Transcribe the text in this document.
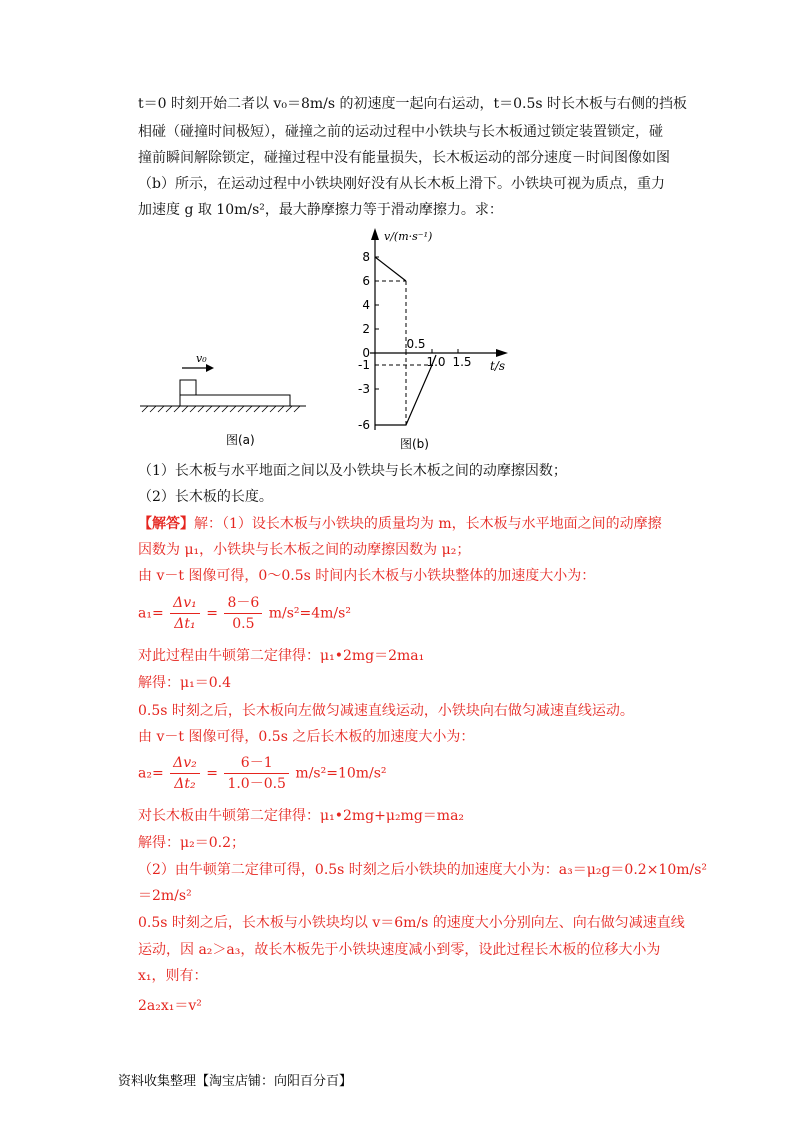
t＝0 时刻开始二者以 v₀＝8m/s 的初速度一起向右运动，t＝0.5s 时长木板与右侧的挡板
相碰（碰撞时间极短），碰撞之前的运动过程中小铁块与长木板通过锁定装置锁定，碰
撞前瞬间解除锁定，碰撞过程中没有能量损失，长木板运动的部分速度－时间图像如图
（b）所示，在运动过程中小铁块刚好没有从长木板上滑下。小铁块可视为质点，重力
加速度 g 取 10m/s²，最大静摩擦力等于滑动摩擦力。求：
v₀
图(a)
v/(m·s⁻¹)
t/s
8
6
4
2
0
-1
-3
-6
0.5
1.0 1.5
图(b)
（1）长木板与水平地面之间以及小铁块与长木板之间的动摩擦因数；
（2）长木板的长度。
【解答】解：（1）设长木板与小铁块的质量均为 m，长木板与水平地面之间的动摩擦
因数为 μ₁，小铁块与长木板之间的动摩擦因数为 μ₂；
由 v－t 图像可得，0～0.5s 时间内长木板与小铁块整体的加速度大小为：
$a_1= \frac{\text{Δv₁}}{\text{Δt₁}} = \frac{8-6}{0.5} m/s^2=4m/s^2$
对此过程由牛顿第二定律得：μ₁•2mg＝2ma₁
解得：μ₁＝0.4
0.5s 时刻之后，长木板向左做匀减速直线运动，小铁块向右做匀减速直线运动。
由 v－t 图像可得，0.5s 之后长木板的加速度大小为：
$a_2= \frac{\text{Δv₂}}{\text{Δt₂}} = \frac{6-1}{1.0-0.5} m/s^2=10m/s^2$
对长木板由牛顿第二定律得：μ₁•2mg+μ₂mg＝ma₂
解得：μ₂＝0.2；
（2）由牛顿第二定律可得，0.5s 时刻之后小铁块的加速度大小为：a₃＝μ₂g＝0.2×10m/s²
＝2m/s²
0.5s 时刻之后，长木板与小铁块均以 v＝6m/s 的速度大小分别向左、向右做匀减速直线
运动，因 a₂＞a₃，故长木板先于小铁块速度减小到零，设此过程长木板的位移大小为
x₁，则有：
2a₂x₁＝v²
资料收集整理【淘宝店铺：向阳百分百】
